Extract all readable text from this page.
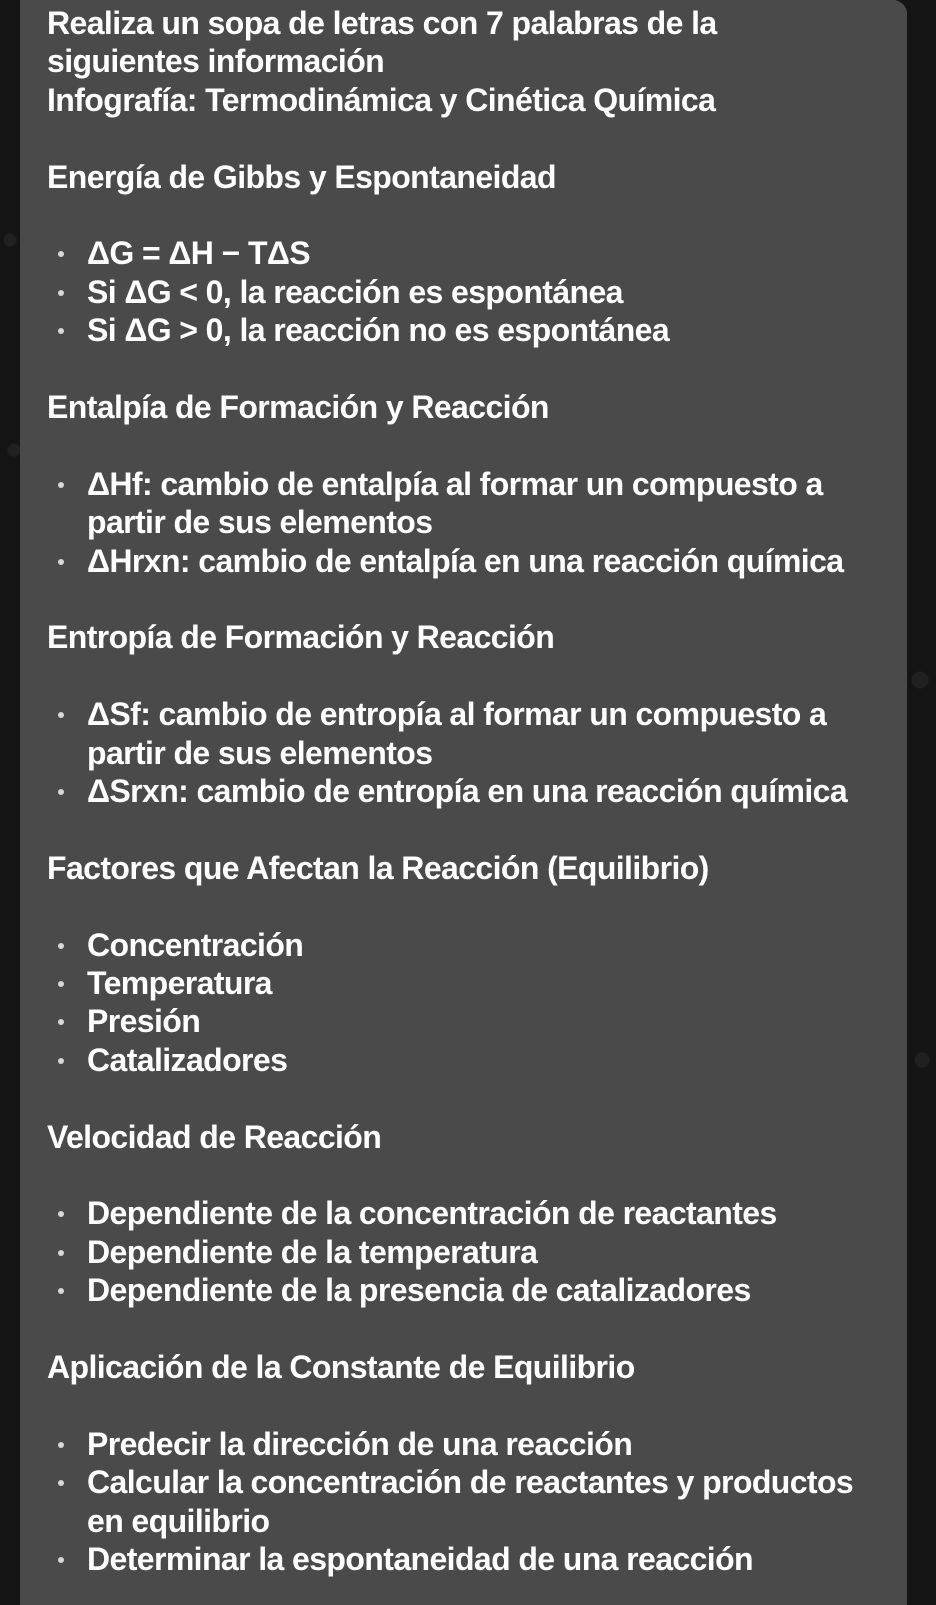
Realiza un sopa de letras con 7 palabras de la

siguientes información

Infografía: Termodinámica y Cinética Química

Energía de Gibbs y Espontaneidad

ΔG = ΔH − TΔS
Si ΔG < 0, la reacción es espontánea
Si ΔG > 0, la reacción no es espontánea

Entalpía de Formación y Reacción

ΔHf: cambio de entalpía al formar un compuesto a partir de sus elementos
ΔHrxn: cambio de entalpía en una reacción química

Entropía de Formación y Reacción

ΔSf: cambio de entropía al formar un compuesto a partir de sus elementos
ΔSrxn: cambio de entropía en una reacción química

Factores que Afectan la Reacción (Equilibrio)

Concentración
Temperatura
Presión
Catalizadores

Velocidad de Reacción

Dependiente de la concentración de reactantes
Dependiente de la temperatura
Dependiente de la presencia de catalizadores

Aplicación de la Constante de Equilibrio

Predecir la dirección de una reacción
Calcular la concentración de reactantes y productos en equilibrio
Determinar la espontaneidad de una reacción
